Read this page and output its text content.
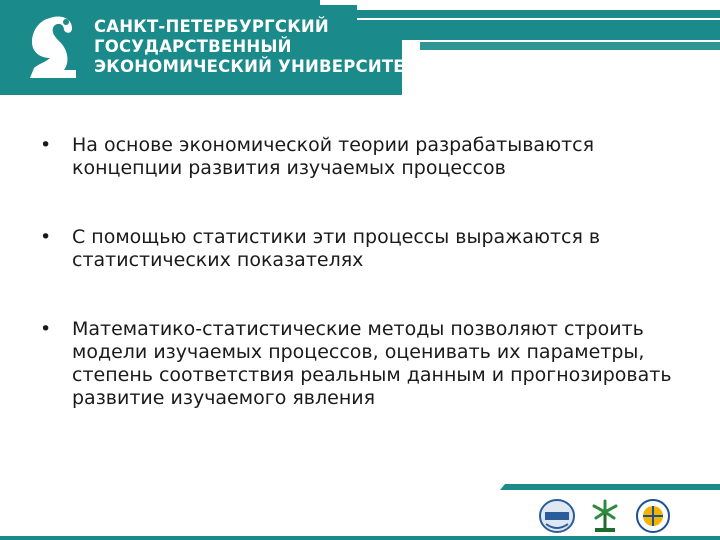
САНКТ-ПЕТЕРБУРГСКИЙ
ГОСУДАРСТВЕННЫЙ
ЭКОНОМИЧЕСКИЙ УНИВЕРСИТЕТ
• На основе экономической теории разрабатываются концепции развития изучаемых процессов
• С помощью статистики эти процессы выражаются в статистических показателях
• Математико-статистические методы позволяют строить модели изучаемых процессов, оценивать их параметры, степень соответствия реальным данным и прогнозировать развитие изучаемого явления
